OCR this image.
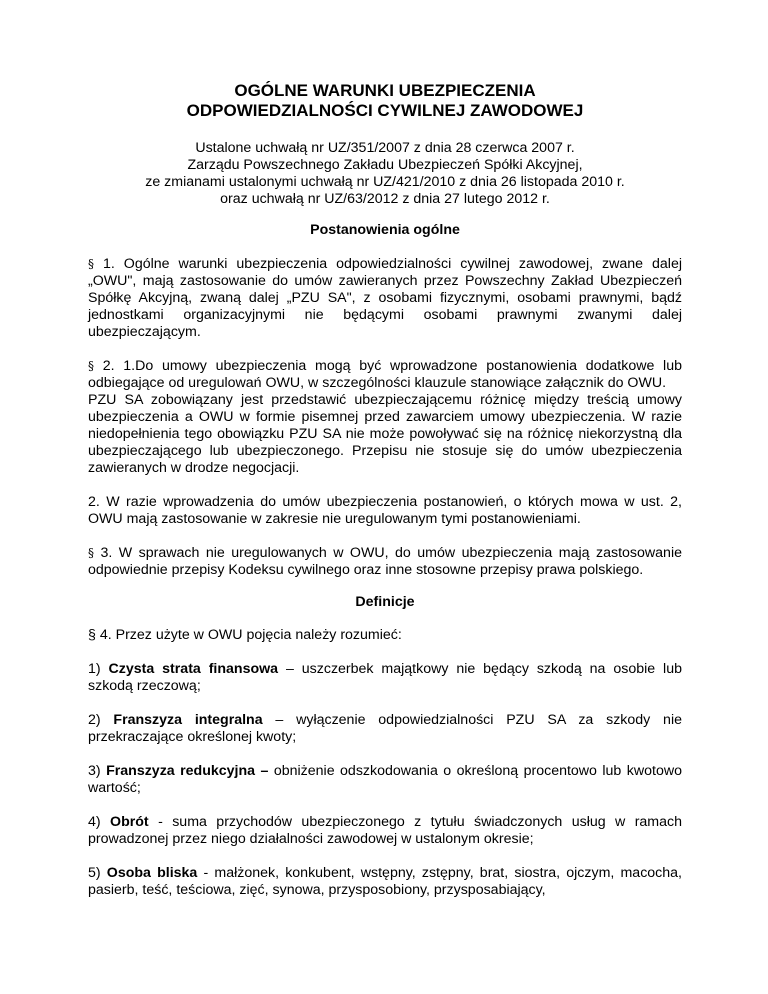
OGÓLNE WARUNKI UBEZPIECZENIA
ODPOWIEDZIALNOŚCI CYWILNEJ ZAWODOWEJ
Ustalone uchwałą nr UZ/351/2007 z dnia 28 czerwca 2007 r.
Zarządu Powszechnego Zakładu Ubezpieczeń Spółki Akcyjnej,
ze zmianami ustalonymi uchwałą nr UZ/421/2010 z dnia 26 listopada 2010 r.
oraz uchwałą nr UZ/63/2012 z dnia 27 lutego 2012 r.
Postanowienia ogólne

§ 1. Ogólne warunki ubezpieczenia odpowiedzialności cywilnej zawodowej, zwane dalej „OWU", mają zastosowanie do umów zawieranych przez Powszechny Zakład Ubezpieczeń Spółkę Akcyjną, zwaną dalej „PZU SA", z osobami fizycznymi, osobami prawnymi, bądź jednostkami organizacyjnymi nie będącymi osobami prawnymi zwanymi dalej ubezpieczającym.

§ 2. 1.Do umowy ubezpieczenia mogą być wprowadzone postanowienia dodatkowe lub odbiegające od uregulowań OWU, w szczególności klauzule stanowiące załącznik do OWU.
PZU SA zobowiązany jest przedstawić ubezpieczającemu różnicę między treścią umowy ubezpieczenia a OWU w formie pisemnej przed zawarciem umowy ubezpieczenia. W razie niedopełnienia tego obowiązku PZU SA nie może powoływać się na różnicę niekorzystną dla ubezpieczającego lub ubezpieczonego. Przepisu nie stosuje się do umów ubezpieczenia zawieranych w drodze negocjacji.

2. W razie wprowadzenia do umów ubezpieczenia postanowień, o których mowa w ust. 2, OWU mają zastosowanie w zakresie nie uregulowanym tymi postanowieniami.

§ 3. W sprawach nie uregulowanych w OWU, do umów ubezpieczenia mają zastosowanie odpowiednie przepisy Kodeksu cywilnego oraz inne stosowne przepisy prawa polskiego.

Definicje

§ 4. Przez użyte w OWU pojęcia należy rozumieć:

1) Czysta strata finansowa – uszczerbek majątkowy nie będący szkodą na osobie lub szkodą rzeczową;

2) Franszyza integralna – wyłączenie odpowiedzialności PZU SA za szkody nie przekraczające określonej kwoty;

3) Franszyza redukcyjna – obniżenie odszkodowania o określoną procentowo lub kwotowo wartość;

4) Obrót - suma przychodów ubezpieczonego z tytułu świadczonych usług w ramach prowadzonej przez niego działalności zawodowej w ustalonym okresie;

5) Osoba bliska - małżonek, konkubent, wstępny, zstępny, brat, siostra, ojczym, macocha, pasierb, teść, teściowa, zięć, synowa, przysposobiony, przysposabiający,
